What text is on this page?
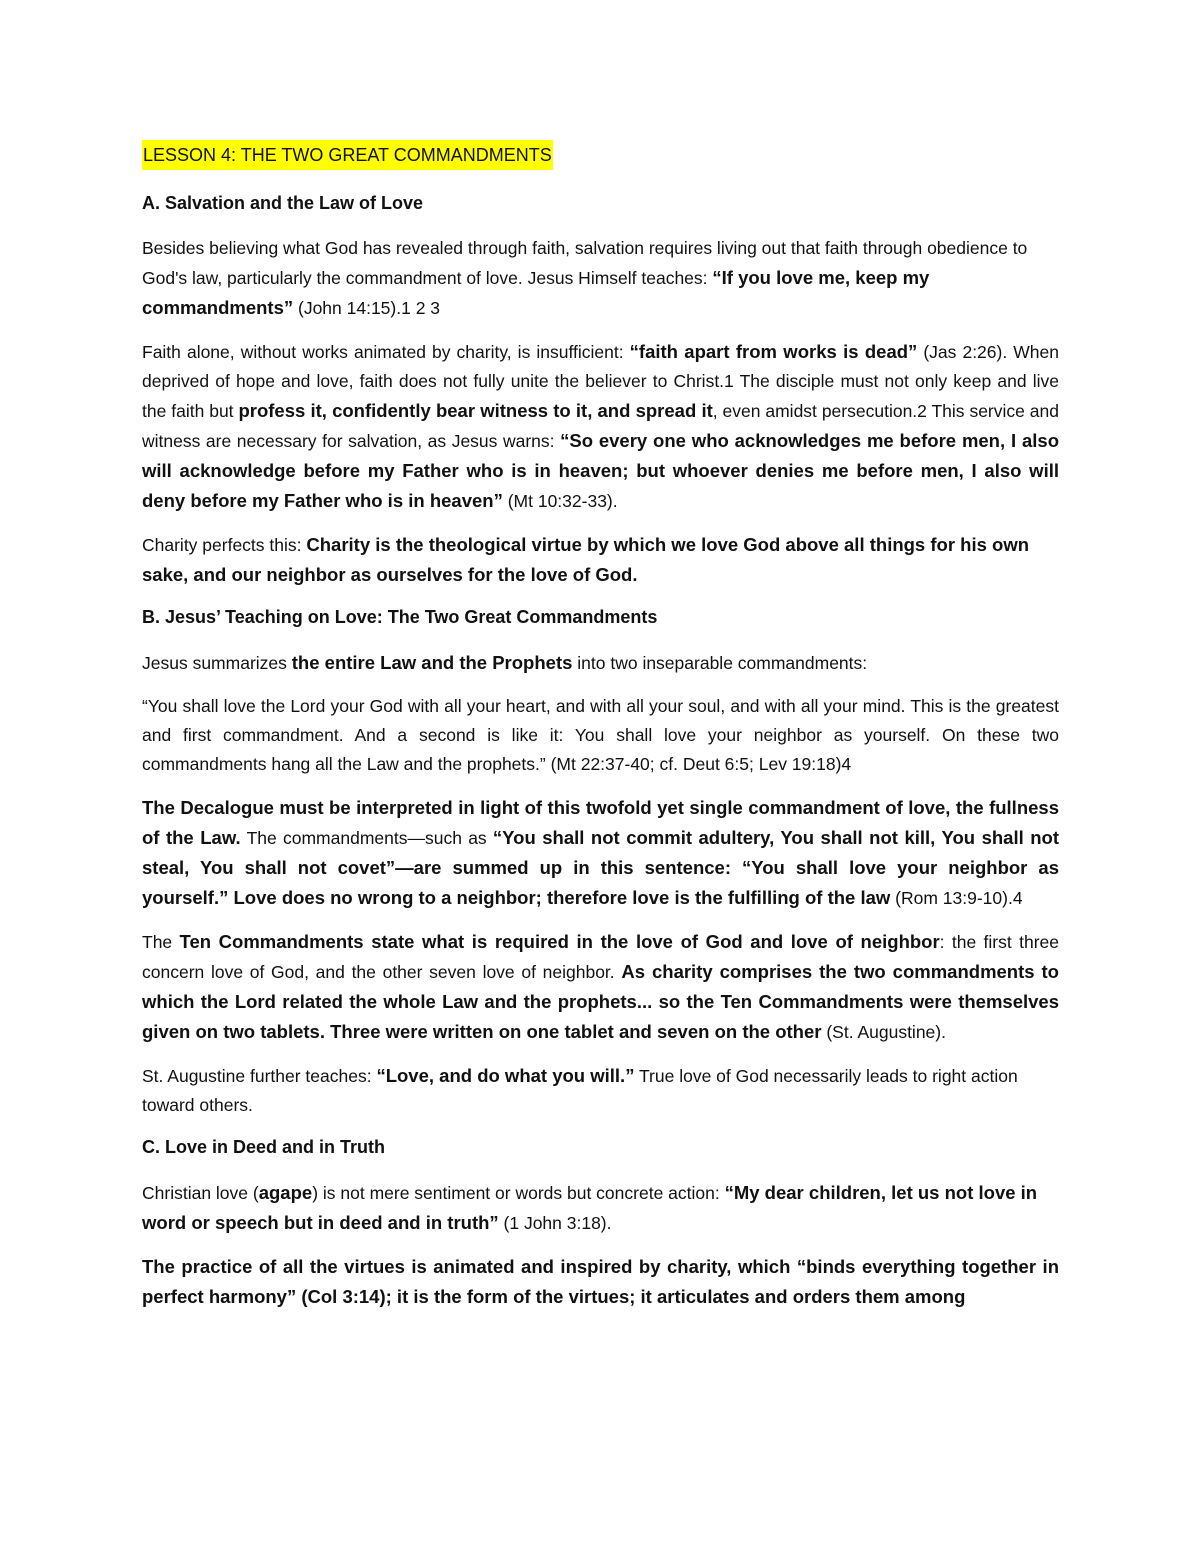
LESSON 4: THE TWO GREAT COMMANDMENTS
A. Salvation and the Law of Love

Besides believing what God has revealed through faith, salvation requires living out that faith through obedience to God's law, particularly the commandment of love. Jesus Himself teaches: “If you love me, keep my commandments” (John 14:15).1 2 3

Faith alone, without works animated by charity, is insufficient: “faith apart from works is dead” (Jas 2:26). When deprived of hope and love, faith does not fully unite the believer to Christ.1 The disciple must not only keep and live the faith but profess it, confidently bear witness to it, and spread it, even amidst persecution.2 This service and witness are necessary for salvation, as Jesus warns: “So every one who acknowledges me before men, I also will acknowledge before my Father who is in heaven; but whoever denies me before men, I also will deny before my Father who is in heaven” (Mt 10:32-33).

Charity perfects this: Charity is the theological virtue by which we love God above all things for his own sake, and our neighbor as ourselves for the love of God.

B. Jesus’ Teaching on Love: The Two Great Commandments

Jesus summarizes the entire Law and the Prophets into two inseparable commandments:

“You shall love the Lord your God with all your heart, and with all your soul, and with all your mind. This is the greatest and first commandment. And a second is like it: You shall love your neighbor as yourself. On these two commandments hang all the Law and the prophets.” (Mt 22:37-40; cf. Deut 6:5; Lev 19:18)4

The Decalogue must be interpreted in light of this twofold yet single commandment of love, the fullness of the Law. The commandments—such as “You shall not commit adultery, You shall not kill, You shall not steal, You shall not covet”—are summed up in this sentence: “You shall love your neighbor as yourself.” Love does no wrong to a neighbor; therefore love is the fulfilling of the law (Rom 13:9-10).4

The Ten Commandments state what is required in the love of God and love of neighbor: the first three concern love of God, and the other seven love of neighbor. As charity comprises the two commandments to which the Lord related the whole Law and the prophets... so the Ten Commandments were themselves given on two tablets. Three were written on one tablet and seven on the other (St. Augustine).

St. Augustine further teaches: “Love, and do what you will.” True love of God necessarily leads to right action toward others.

C. Love in Deed and in Truth

Christian love (agape) is not mere sentiment or words but concrete action: “My dear children, let us not love in word or speech but in deed and in truth” (1 John 3:18).

The practice of all the virtues is animated and inspired by charity, which “binds everything together in perfect harmony” (Col 3:14); it is the form of the virtues; it articulates and orders them among
